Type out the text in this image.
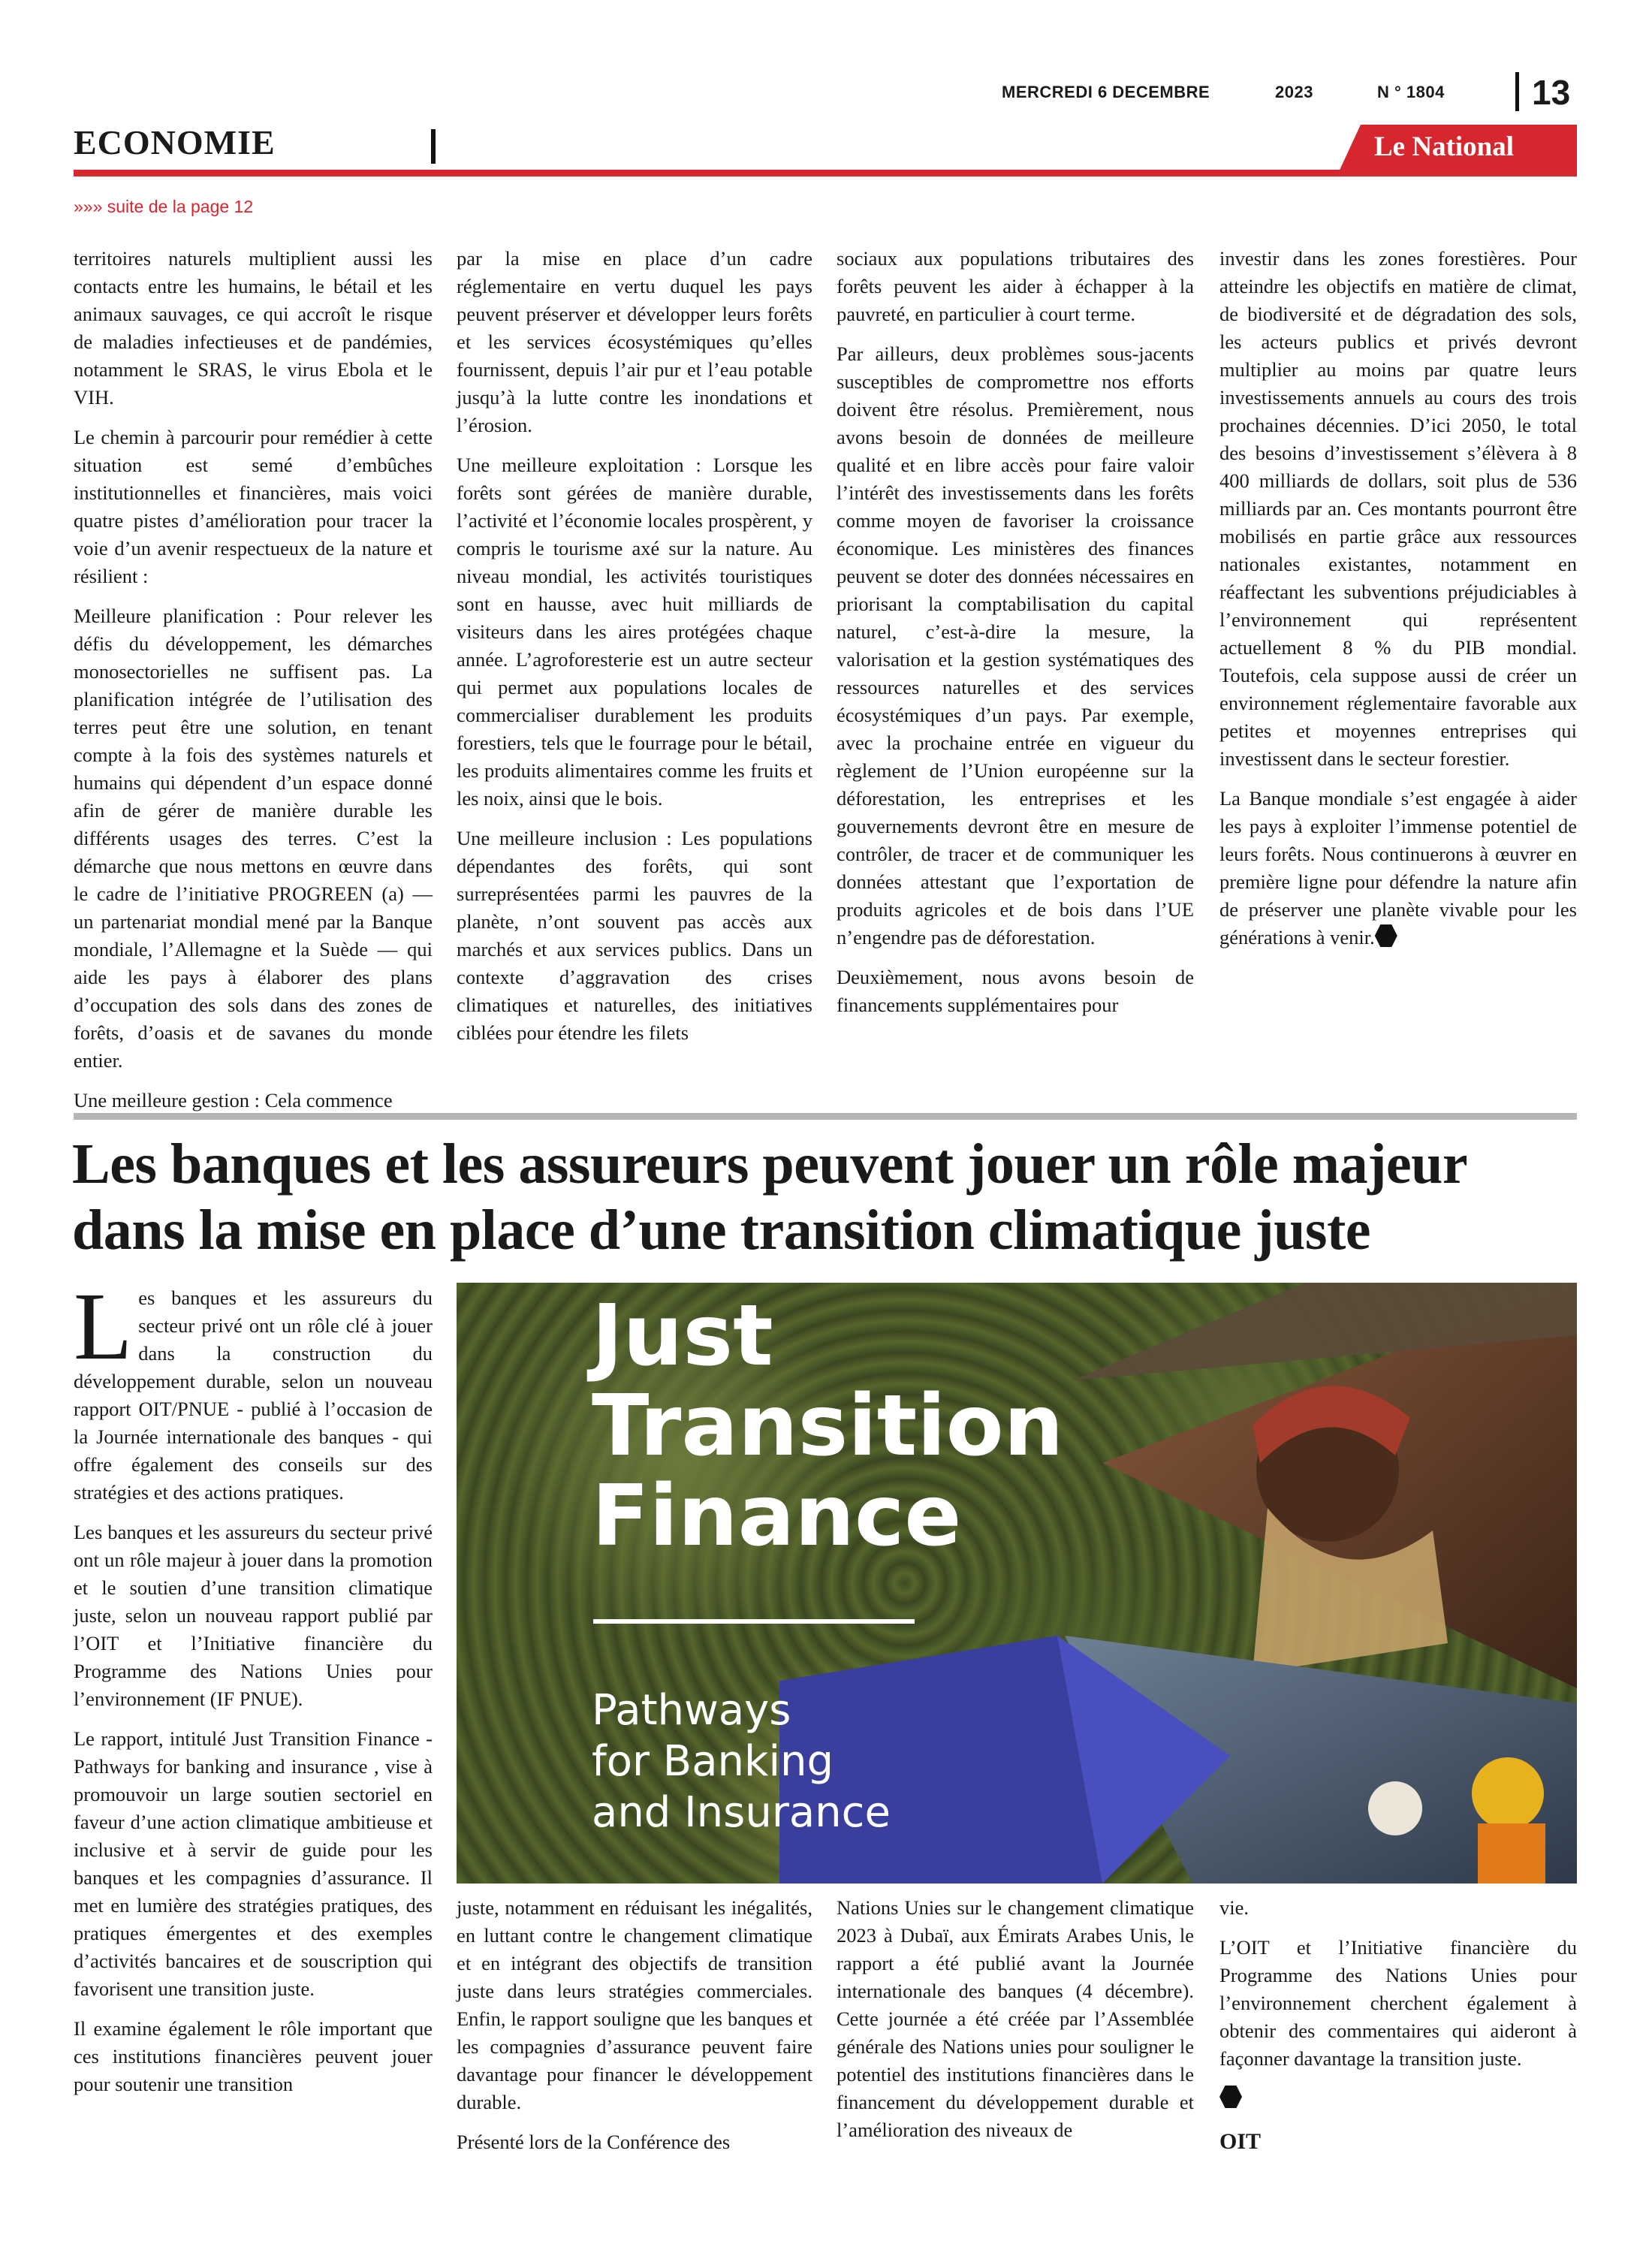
MERCREDI 6 DECEMBRE	2023	N ° 1804	13
ECONOMIE	Le National
»»» suite de la page 12

territoires naturels multiplient aussi les contacts entre les humains, le bétail et les animaux sauvages, ce qui accroît le risque de maladies infectieuses et de pandémies, notamment le SRAS, le virus Ebola et le VIH.

Le chemin à parcourir pour remédier à cette situation est semé d’embûches institutionnelles et financières, mais voici quatre pistes d’amélioration pour tracer la voie d’un avenir respectueux de la nature et résilient :

Meilleure planification : Pour relever les défis du développement, les démarches monosectorielles ne suffisent pas. La planification intégrée de l’utilisation des terres peut être une solution, en tenant compte à la fois des systèmes naturels et humains qui dépendent d’un espace donné afin de gérer de manière durable les différents usages des terres. C’est la démarche que nous mettons en œuvre dans le cadre de l’initiative PROGREEN (a) — un partenariat mondial mené par la Banque mondiale, l’Allemagne et la Suède — qui aide les pays à élaborer des plans d’occupation des sols dans des zones de forêts, d’oasis et de savanes du monde entier.

Une meilleure gestion : Cela commence

par la mise en place d’un cadre réglementaire en vertu duquel les pays peuvent préserver et développer leurs forêts et les services écosystémiques qu’elles fournissent, depuis l’air pur et l’eau potable jusqu’à la lutte contre les inondations et l’érosion.

Une meilleure exploitation : Lorsque les forêts sont gérées de manière durable, l’activité et l’économie locales prospèrent, y compris le tourisme axé sur la nature. Au niveau mondial, les activités touristiques sont en hausse, avec huit milliards de visiteurs dans les aires protégées chaque année. L’agroforesterie est un autre secteur qui permet aux populations locales de commercialiser durablement les produits forestiers, tels que le fourrage pour le bétail, les produits alimentaires comme les fruits et les noix, ainsi que le bois.

Une meilleure inclusion : Les populations dépendantes des forêts, qui sont surreprésentées parmi les pauvres de la planète, n’ont souvent pas accès aux marchés et aux services publics. Dans un contexte d’aggravation des crises climatiques et naturelles, des initiatives ciblées pour étendre les filets

sociaux aux populations tributaires des forêts peuvent les aider à échapper à la pauvreté, en particulier à court terme.

Par ailleurs, deux problèmes sous-jacents susceptibles de compromettre nos efforts doivent être résolus. Premièrement, nous avons besoin de données de meilleure qualité et en libre accès pour faire valoir l’intérêt des investissements dans les forêts comme moyen de favoriser la croissance économique. Les ministères des finances peuvent se doter des données nécessaires en priorisant la comptabilisation du capital naturel, c’est-à-dire la mesure, la valorisation et la gestion systématiques des ressources naturelles et des services écosystémiques d’un pays. Par exemple, avec la prochaine entrée en vigueur du règlement de l’Union européenne sur la déforestation, les entreprises et les gouvernements devront être en mesure de contrôler, de tracer et de communiquer les données attestant que l’exportation de produits agricoles et de bois dans l’UE n’engendre pas de déforestation.

Deuxièmement, nous avons besoin de financements supplémentaires pour

investir dans les zones forestières. Pour atteindre les objectifs en matière de climat, de biodiversité et de dégradation des sols, les acteurs publics et privés devront multiplier au moins par quatre leurs investissements annuels au cours des trois prochaines décennies. D’ici 2050, le total des besoins d’investissement s’élèvera à 8 400 milliards de dollars, soit plus de 536 milliards par an. Ces montants pourront être mobilisés en partie grâce aux ressources nationales existantes, notamment en réaffectant les subventions préjudiciables à l’environnement qui représentent actuellement 8 % du PIB mondial. Toutefois, cela suppose aussi de créer un environnement réglementaire favorable aux petites et moyennes entreprises qui investissent dans le secteur forestier.

La Banque mondiale s’est engagée à aider les pays à exploiter l’immense potentiel de leurs forêts. Nous continuerons à œuvrer en première ligne pour défendre la nature afin de préserver une planète vivable pour les générations à venir.

Les banques et les assureurs peuvent jouer un rôle majeur dans la mise en place d’une transition climatique juste

Les banques et les assureurs du secteur privé ont un rôle clé à jouer dans la construction du développement durable, selon un nouveau rapport OIT/PNUE - publié à l’occasion de la Journée internationale des banques - qui offre également des conseils sur des stratégies et des actions pratiques.

Les banques et les assureurs du secteur privé ont un rôle majeur à jouer dans la promotion et le soutien d’une transition climatique juste, selon un nouveau rapport publié par l’OIT et l’Initiative financière du Programme des Nations Unies pour l’environnement (IF PNUE).

Le rapport, intitulé Just Transition Finance - Pathways for banking and insurance , vise à promouvoir un large soutien sectoriel en faveur d’une action climatique ambitieuse et inclusive et à servir de guide pour les banques et les compagnies d’assurance. Il met en lumière des stratégies pratiques, des pratiques émergentes et des exemples d’activités bancaires et de souscription qui favorisent une transition juste.

Il examine également le rôle important que ces institutions financières peuvent jouer pour soutenir une transition

Just
Transition
Finance
Pathways
for Banking
and Insurance

juste, notamment en réduisant les inégalités, en luttant contre le changement climatique et en intégrant des objectifs de transition juste dans leurs stratégies commerciales. Enfin, le rapport souligne que les banques et les compagnies d’assurance peuvent faire davantage pour financer le développement durable.

Présenté lors de la Conférence des

Nations Unies sur le changement climatique 2023 à Dubaï, aux Émirats Arabes Unis, le rapport a été publié avant la Journée internationale des banques (4 décembre). Cette journée a été créée par l’Assemblée générale des Nations unies pour souligner le potentiel des institutions financières dans le financement du développement durable et l’amélioration des niveaux de

vie.

L’OIT et l’Initiative financière du Programme des Nations Unies pour l’environnement cherchent également à obtenir des commentaires qui aideront à façonner davantage la transition juste.

OIT
